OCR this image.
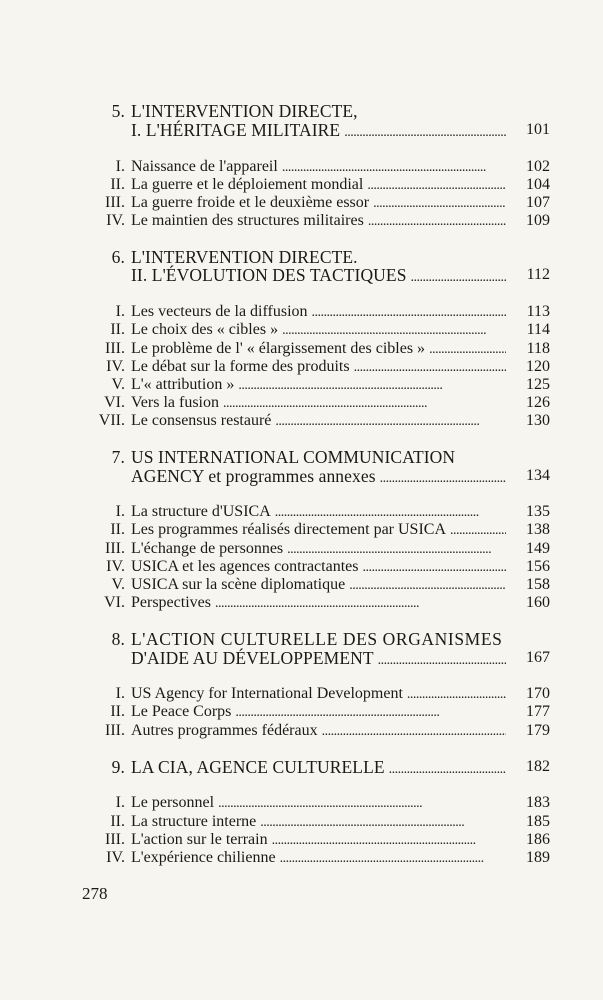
5. L'INTERVENTION DIRECTE,
I. L'HÉRITAGE MILITAIRE . . .	101
I. Naissance de l'appareil . . .	102
II. La guerre et le déploiement mondial . . .	104
III. La guerre froide et le deuxième essor . . .	107
IV. Le maintien des structures militaires . . .	109
6. L'INTERVENTION DIRECTE.
II. L'ÉVOLUTION DES TACTIQUES . . .	112
I. Les vecteurs de la diffusion . . .	113
II. Le choix des « cibles » . . .	114
III. Le problème de l' « élargissement des cibles » . . .	118
IV. Le débat sur la forme des produits . . .	120
V. L'« attribution » . . .	125
VI. Vers la fusion . . .	126
VII. Le consensus restauré . . .	130
7. US INTERNATIONAL COMMUNICATION
AGENCY et programmes annexes . . .	134
I. La structure d'USICA . . .	135
II. Les programmes réalisés directement par USICA . . .	138
III. L'échange de personnes . . .	149
IV. USICA et les agences contractantes . . .	156
V. USICA sur la scène diplomatique . . .	158
VI. Perspectives . . .	160
8. L'ACTION CULTURELLE DES ORGANISMES
D'AIDE AU DÉVELOPPEMENT . . .	167
I. US Agency for International Development . . .	170
II. Le Peace Corps . . .	177
III. Autres programmes fédéraux . . .	179
9. LA CIA, AGENCE CULTURELLE . . .	182
I. Le personnel . . .	183
II. La structure interne . . .	185
III. L'action sur le terrain . . .	186
IV. L'expérience chilienne . . .	189
278
